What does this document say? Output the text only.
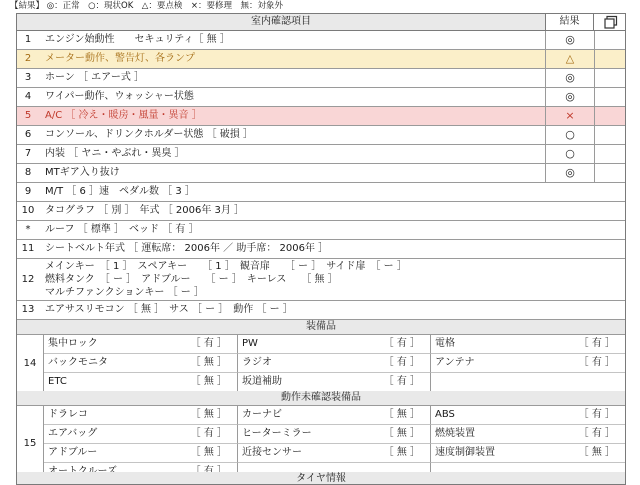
【結果】 ◎：正常　○：現状OK　△：要点検　×：要修理　無：対象外
室内確認項目	結果
1	エンジン始動性　　セキュリティ［ 無 ］	◎
2	メーター動作、警告灯、各ランプ	△
3	ホーン ［ エアー式 ］	◎
4	ワイパー動作、ウォッシャー状態	◎
5	A/C ［ 冷え・暖房・風量・異音 ］	×
6	コンソール、ドリンクホルダー状態 ［ 破損 ］	○
7	内装 ［ ヤニ・やぶれ・異臭 ］	○
8	MTギア入り抜け	◎
9	M/T ［ 6 ］速　ペダル数 ［ 3 ］
10	タコグラフ ［ 別 ］　年式 ［ 2006年 3月 ］
*	ルーフ ［ 標準 ］　ベッド ［ 有 ］
11	シートベルト年式 ［ 運転席： 2006年 ／ 助手席： 2006年 ］
12
メインキー　［ 1 ］　スペアキー　　［ 1 ］　観音扉　　［ ー ］　サイド扉　［ ー ］
燃料タンク　［ ー ］　アドブルー　　［ ー ］　キーレス　　［ 無 ］
マルチファンクションキー ［ ー ］
13	エアサスリモコン ［ 無 ］　サス ［ ー ］　動作 ［ ー ］
装備品
14
集中ロック	［ 有 ］ PW	［ 有 ］ 電格	［ 有 ］
バックモニタ	［ 無 ］ ラジオ	［ 有 ］ アンテナ	［ 有 ］
ETC	［ 無 ］ 坂道補助	［ 有 ］
動作未確認装備品
15
ドラレコ	［ 無 ］ カーナビ	［ 無 ］ ABS	［ 有 ］
エアバッグ	［ 有 ］ ヒーターミラー	［ 無 ］ 燃焼装置	［ 有 ］
アドブルー	［ 無 ］ 近接センサー	［ 無 ］ 速度制御装置	［ 無 ］
タイヤ情報
